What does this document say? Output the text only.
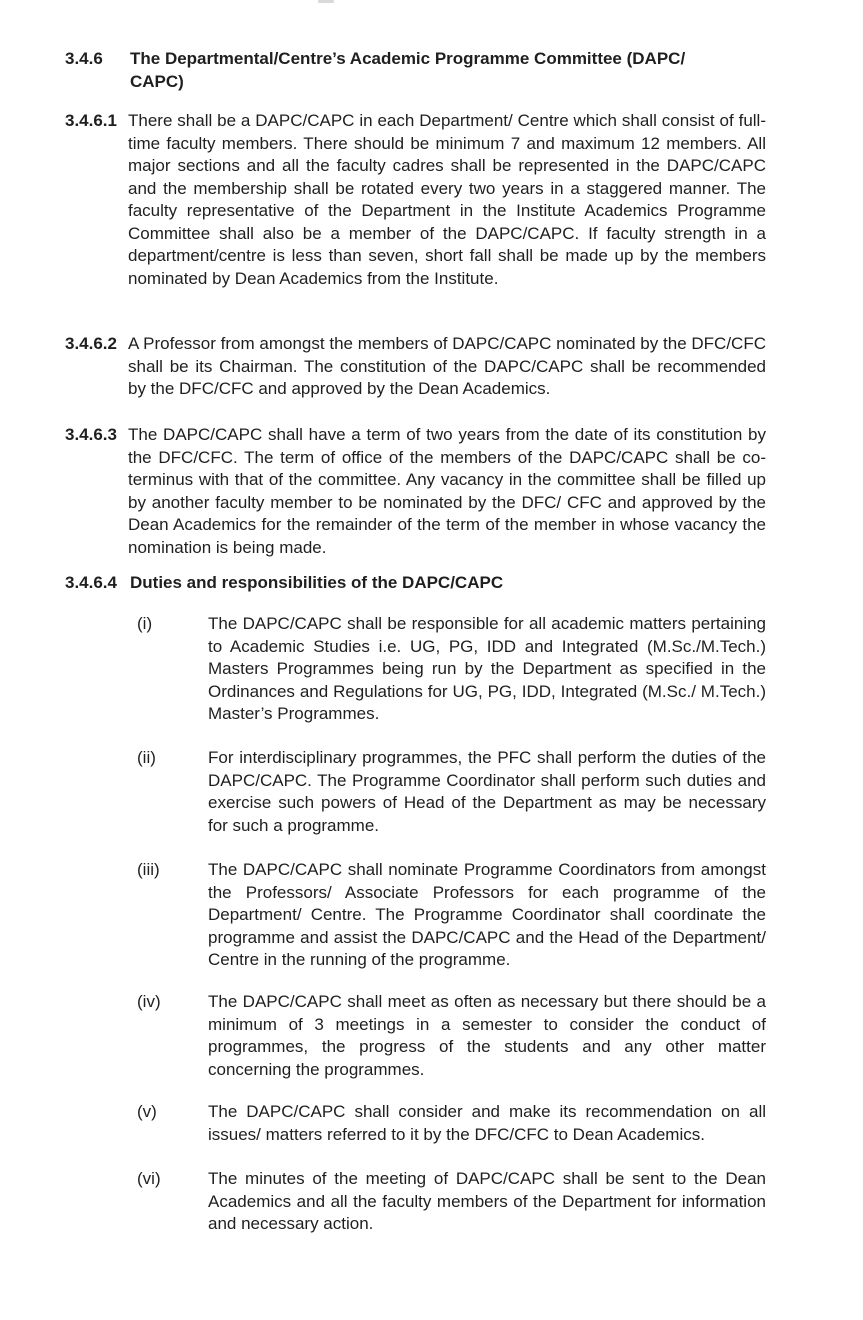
3.4.6	The Departmental/Centre’s Academic Programme Committee (DAPC/
CAPC)
3.4.6.1 There shall be a DAPC/CAPC in each Department/ Centre which shall consist of full-time faculty members. There should be minimum 7 and maximum 12 members. All major sections and all the faculty cadres shall be represented in the DAPC/CAPC and the membership shall be rotated every two years in a staggered manner. The faculty representative of the Department in the Institute Academics Programme Committee shall also be a member of the DAPC/CAPC. If faculty strength in a department/centre is less than seven, short fall shall be made up by the members nominated by Dean Academics from the Institute.
3.4.6.2 A Professor from amongst the members of DAPC/CAPC nominated by the DFC/CFC shall be its Chairman. The constitution of the DAPC/CAPC shall be recommended by the DFC/CFC and approved by the Dean Academics.
3.4.6.3 The DAPC/CAPC shall have a term of two years from the date of its constitution by the DFC/CFC. The term of office of the members of the DAPC/CAPC shall be co-terminus with that of the committee. Any vacancy in the committee shall be filled up by another faculty member to be nominated by the DFC/ CFC and approved by the Dean Academics for the remainder of the term of the member in whose vacancy the nomination is being made.
3.4.6.4 Duties and responsibilities of the DAPC/CAPC
(i)	The DAPC/CAPC shall be responsible for all academic matters pertaining to Academic Studies i.e. UG, PG, IDD and Integrated (M.Sc./M.Tech.) Masters Programmes being run by the Department as specified in the Ordinances and Regulations for UG, PG, IDD, Integrated (M.Sc./ M.Tech.) Master’s Programmes.
(ii)	For interdisciplinary programmes, the PFC shall perform the duties of the DAPC/CAPC. The Programme Coordinator shall perform such duties and exercise such powers of Head of the Department as may be necessary for such a programme.
(iii)	The DAPC/CAPC shall nominate Programme Coordinators from amongst the Professors/ Associate Professors for each programme of the Department/ Centre. The Programme Coordinator shall coordinate the programme and assist the DAPC/CAPC and the Head of the Department/ Centre in the running of the programme.
(iv)	The DAPC/CAPC shall meet as often as necessary but there should be a minimum of 3 meetings in a semester to consider the conduct of programmes, the progress of the students and any other matter concerning the programmes.
(v)	The DAPC/CAPC shall consider and make its recommendation on all issues/ matters referred to it by the DFC/CFC to Dean Academics.
(vi)	The minutes of the meeting of DAPC/CAPC shall be sent to the Dean Academics and all the faculty members of the Department for information and necessary action.
